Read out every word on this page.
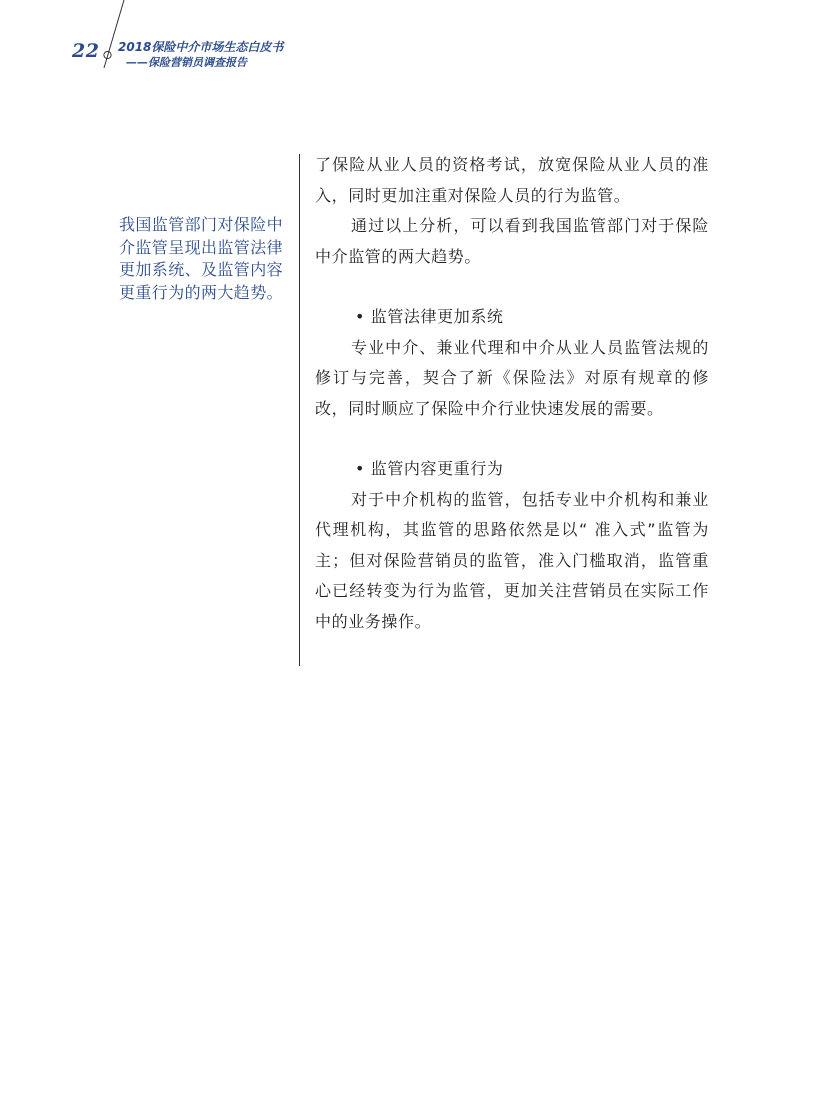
22 2018保险中介市场生态白皮书
——保险营销员调查报告
我国监管部门对保险中介监管呈现出监管法律更加系统、及监管内容更重行为的两大趋势。

了保险从业人员的资格考试，放宽保险从业人员的准入，同时更加注重对保险人员的行为监管。

通过以上分析，可以看到我国监管部门对于保险中介监管的两大趋势。

• 监管法律更加系统

专业中介、兼业代理和中介从业人员监管法规的修订与完善，契合了新《保险法》对原有规章的修改，同时顺应了保险中介行业快速发展的需要。

• 监管内容更重行为

对于中介机构的监管，包括专业中介机构和兼业代理机构，其监管的思路依然是以“ 准入式”监管为主；但对保险营销员的监管，准入门槛取消，监管重心已经转变为行为监管，更加关注营销员在实际工作中的业务操作。
